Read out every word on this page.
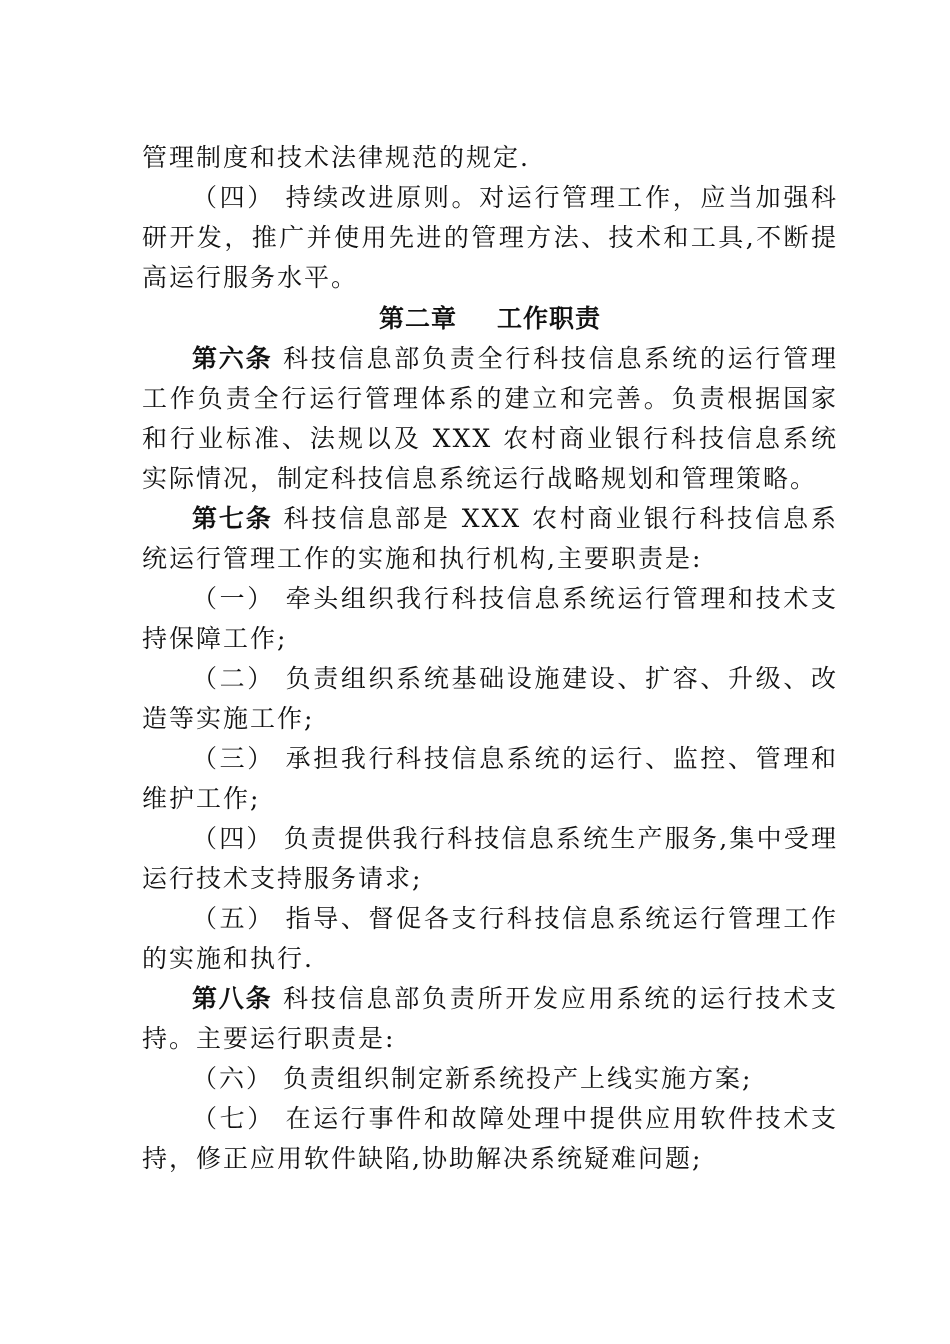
管理制度和技术法律规范的规定.

（四） 持续改进原则。对运行管理工作，应当加强科研开发，推广并使用先进的管理方法、技术和工具,不断提高运行服务水平。

第二章 工作职责

第六条 科技信息部负责全行科技信息系统的运行管理工作负责全行运行管理体系的建立和完善。负责根据国家和行业标准、法规以及 XXX 农村商业银行科技信息系统实际情况，制定科技信息系统运行战略规划和管理策略。

第七条 科技信息部是 XXX 农村商业银行科技信息系统运行管理工作的实施和执行机构,主要职责是:

（一） 牵头组织我行科技信息系统运行管理和技术支持保障工作;

（二） 负责组织系统基础设施建设、扩容、升级、改造等实施工作;

（三） 承担我行科技信息系统的运行、监控、管理和维护工作;

（四） 负责提供我行科技信息系统生产服务,集中受理运行技术支持服务请求;

（五） 指导、督促各支行科技信息系统运行管理工作的实施和执行.

第八条 科技信息部负责所开发应用系统的运行技术支持。主要运行职责是:

（六） 负责组织制定新系统投产上线实施方案;

（七） 在运行事件和故障处理中提供应用软件技术支持，修正应用软件缺陷,协助解决系统疑难问题;
